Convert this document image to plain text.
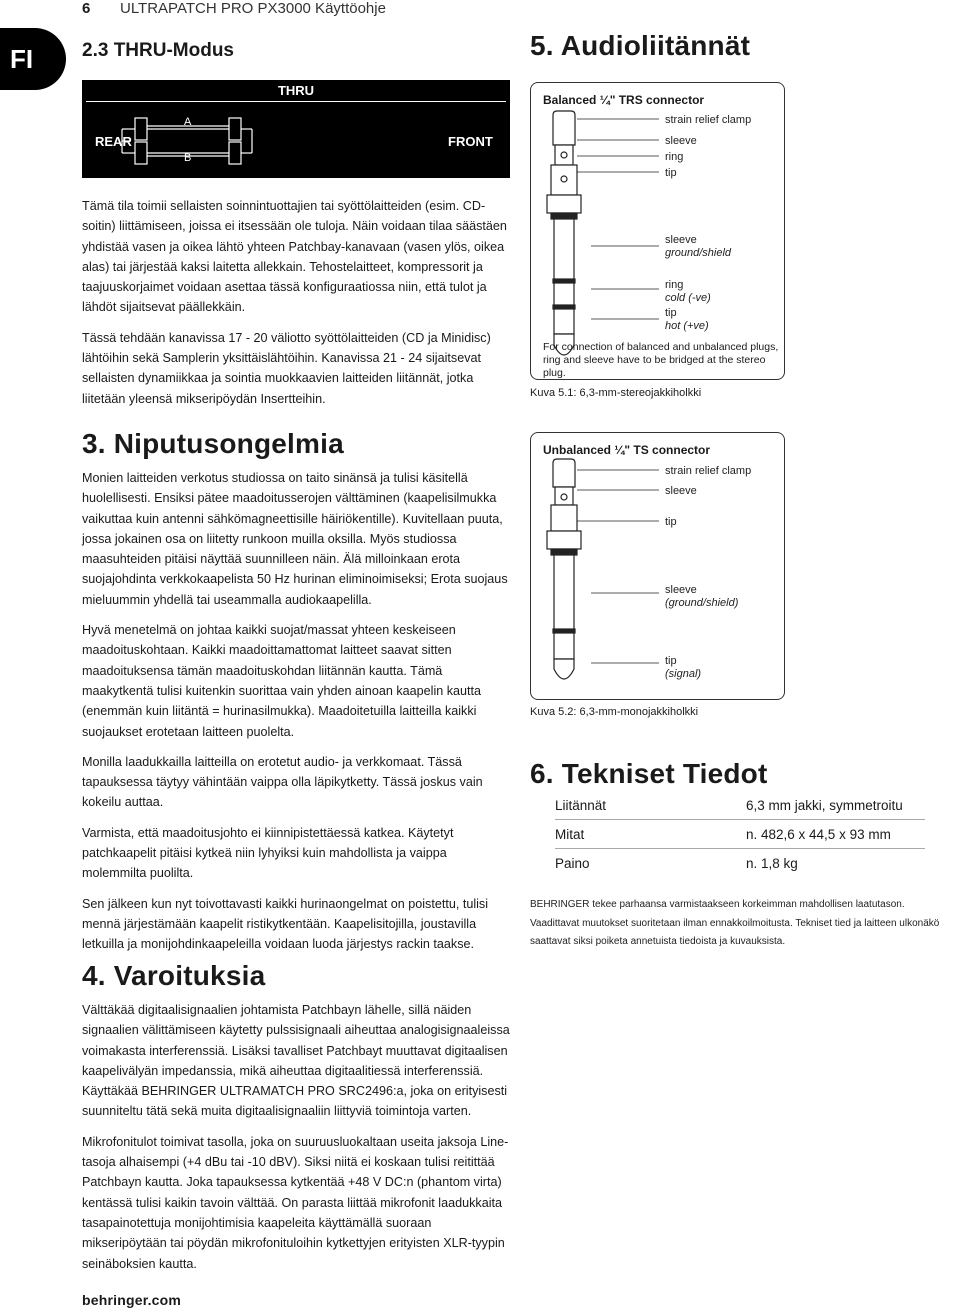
6 ULTRAPATCH PRO PX3000 Käyttöohje
FI	2.3 THRU-Modus
THRU
REAR	FRONT
A
B

Tämä tila toimii sellaisten soinnintuottajien tai syöttölaitteiden (esim. CD-soitin) liittämiseen, joissa ei itsessään ole tuloja. Näin voidaan tilaa säästäen yhdistää vasen ja oikea lähtö yhteen Patchbay-kanavaan (vasen ylös, oikea alas) tai järjestää kaksi laitetta allekkain. Tehostelaitteet, kompressorit ja taajuuskorjaimet voidaan asettaa tässä konfiguraatiossa niin, että tulot ja lähdöt sijaitsevat päällekkäin.

Tässä tehdään kanavissa 17 - 20 väliotto syöttölaitteiden (CD ja Minidisc) lähtöihin sekä Samplerin yksittäislähtöihin. Kanavissa 21 - 24 sijaitsevat sellaisten dynamiikkaa ja sointia muokkaavien laitteiden liitännät, jotka liitetään yleensä mikseripöydän Insertteihin.

3. Niputusongelmia

Monien laitteiden verkotus studiossa on taito sinänsä ja tulisi käsitellä huolellisesti. Ensiksi pätee maadoitusserojen välttäminen (kaapelisilmukka vaikuttaa kuin antenni sähkömagneettisille häiriökentille). Kuvitellaan puuta, jossa jokainen osa on liitetty runkoon muilla oksilla. Myös studiossa maasuhteiden pitäisi näyttää suunnilleen näin. Älä milloinkaan erota suojajohdinta verkkokaapelista 50 Hz hurinan eliminoimiseksi; Erota suojaus mieluummin yhdellä tai useammalla audiokaapelilla.

Hyvä menetelmä on johtaa kaikki suojat/massat yhteen keskeiseen maadoituskohtaan. Kaikki maadoittamattomat laitteet saavat sitten maadoituksensa tämän maadoituskohdan liitännän kautta. Tämä maakytkentä tulisi kuitenkin suorittaa vain yhden ainoan kaapelin kautta (enemmän kuin liitäntä = hurinasilmukka). Maadoitetuilla laitteilla kaikki suojaukset erotetaan laitteen puolelta.

Monilla laadukkailla laitteilla on erotetut audio- ja verkkomaat. Tässä tapauksessa täytyy vähintään vaippa olla läpikytketty. Tässä joskus vain kokeilu auttaa.

Varmista, että maadoitusjohto ei kiinnipistettäessä katkea. Käytetyt patchkaapelit pitäisi kytkeä niin lyhyiksi kuin mahdollista ja vaippa molemmilta puolilta.

Sen jälkeen kun nyt toivottavasti kaikki hurinaongelmat on poistettu, tulisi mennä järjestämään kaapelit ristikytkentään. Kaapelisitojilla, joustavilla letkuilla ja monijohdinkaapeleilla voidaan luoda järjestys rackin taakse.

4. Varoituksia

Välttäkää digitaalisignaalien johtamista Patchbayn lähelle, sillä näiden signaalien välittämiseen käytetty pulssisignaali aiheuttaa analogisignaaleissa voimakasta interferenssiä. Lisäksi tavalliset Patchbayt muuttavat digitaalisen kaapelivälyän impedanssia, mikä aiheuttaa digitaalitiessä interferenssiä. Käyttäkää BEHRINGER ULTRAMATCH PRO SRC2496:a, joka on erityisesti suunniteltu tätä sekä muita digitaalisignaaliin liittyviä toimintoja varten.

Mikrofonitulot toimivat tasolla, joka on suuruusluokaltaan useita jaksoja Line-tasoja alhaisempi (+4 dBu tai -10 dBV). Siksi niitä ei koskaan tulisi reitittää Patchbayn kautta. Joka tapauksessa kytkentää +48 V DC:n (phantom virta) kentässä tulisi kaikin tavoin välttää. On parasta liittää mikrofonit laadukkaita tasapainotettuja monijohtimisia kaapeleita käyttämällä suoraan mikseripöytään tai pöydän mikrofonituloihin kytkettyjen erityisten XLR-tyypin seinäboksien kautta.

5. Audioliitännät
Balanced ¼" TRS connector
strain relief clamp
sleeve
ring
tip
sleeve
ground/shield
ring
cold (-ve)
tip
hot (+ve)
For connection of balanced and unbalanced plugs,
ring and sleeve have to be bridged at the stereo plug.
Kuva 5.1: 6,3-mm-stereojakkiholkki
Unbalanced ¼" TS connector
strain relief clamp
sleeve
tip
sleeve
(ground/shield)
tip
(signal)
Kuva 5.2: 6,3-mm-monojakkiholkki
6. Tekniset Tiedot
Liitännät	6,3 mm jakki, symmetroitu
Mitat	n. 482,6 x 44,5 x 93 mm
Paino	n. 1,8 kg
BEHRINGER tekee parhaansa varmistaakseen korkeimman mahdollisen laatutason. Vaadittavat muutokset suoritetaan ilman ennakkoilmoitusta. Tekniset tied ja laitteen ulkonäkö saattavat siksi poiketa annetuista tiedoista ja kuvauksista.
behringer.com
